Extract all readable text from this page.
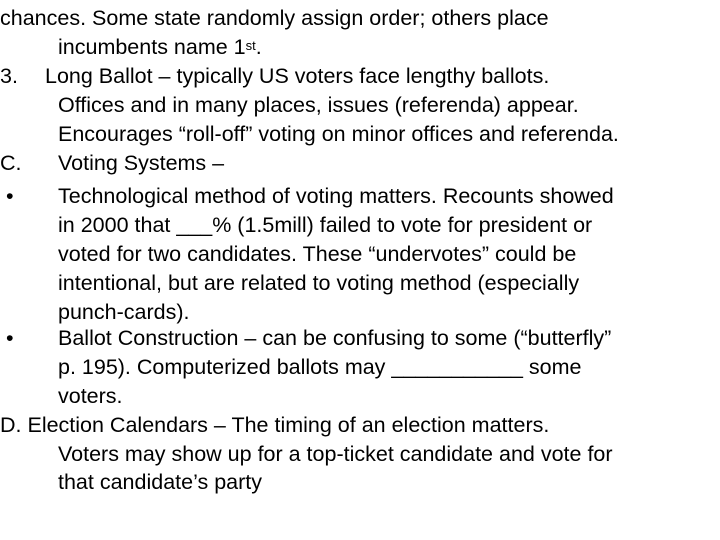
chances. Some state randomly assign order; others place
incumbents name 1st.
3. Long Ballot – typically US voters face lengthy ballots.
Offices and in many places, issues (referenda) appear.
Encourages “roll-off” voting on minor offices and referenda.
C. Voting Systems –
• Technological method of voting matters. Recounts showed
in 2000 that ___% (1.5mill) failed to vote for president or
voted for two candidates. These “undervotes” could be
intentional, but are related to voting method (especially
punch-cards).
• Ballot Construction – can be confusing to some (“butterfly”
p. 195). Computerized ballots may ___________ some
voters.
D. Election Calendars – The timing of an election matters.
Voters may show up for a top-ticket candidate and vote for
that candidate’s party
